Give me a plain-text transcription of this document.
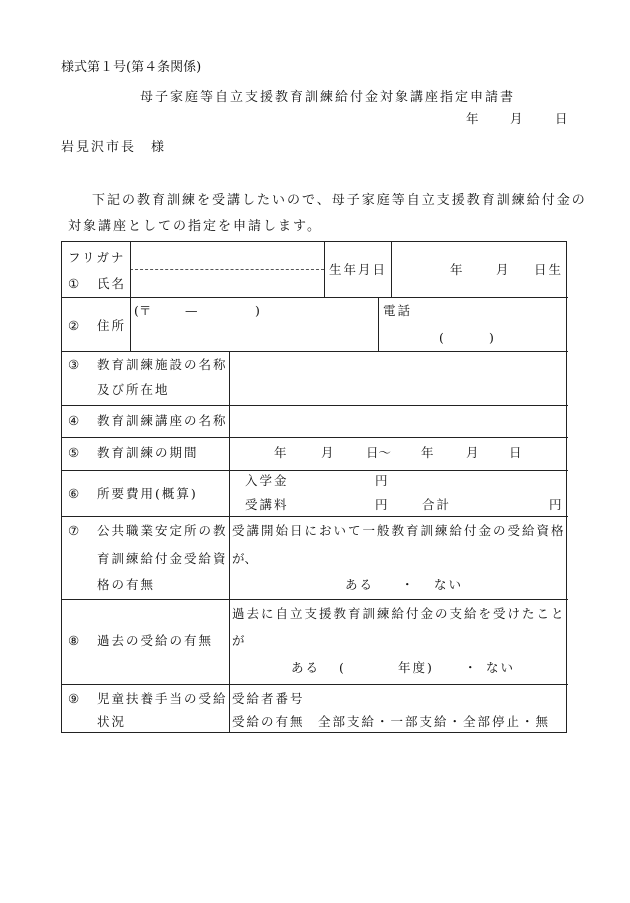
様式第１号(第４条関係)
母子家庭等自立支援教育訓練給付金対象講座指定申請書
年	月	日
岩見沢市長　様
下記の教育訓練を受講したいので、母子家庭等自立支援教育訓練給付金の
対象講座としての指定を申請します。
フリガナ
① 氏名
生年月日	年	月 日生
② 住所
(〒	—	)	電話
(	)
③ 教育訓練施設の名称
及び所在地
④ 教育訓練講座の名称
⑤ 教育訓練の期間	年	月	日〜 年	月 日
⑥ 所要費用(概算)
入学金	円
受講料	円	合計	円
⑦ 公共職業安定所の教
育訓練給付金受給資
格の有無
受講開始日において一般教育訓練給付金の受給資格
が、
ある ・ ない
⑧ 過去の受給の有無
過去に自立支援教育訓練給付金の支給を受けたこと
が
ある (	年度) ・ ない
⑨ 児童扶養手当の受給
状況
受給者番号
受給の有無 全部支給・一部支給・全部停止・無
